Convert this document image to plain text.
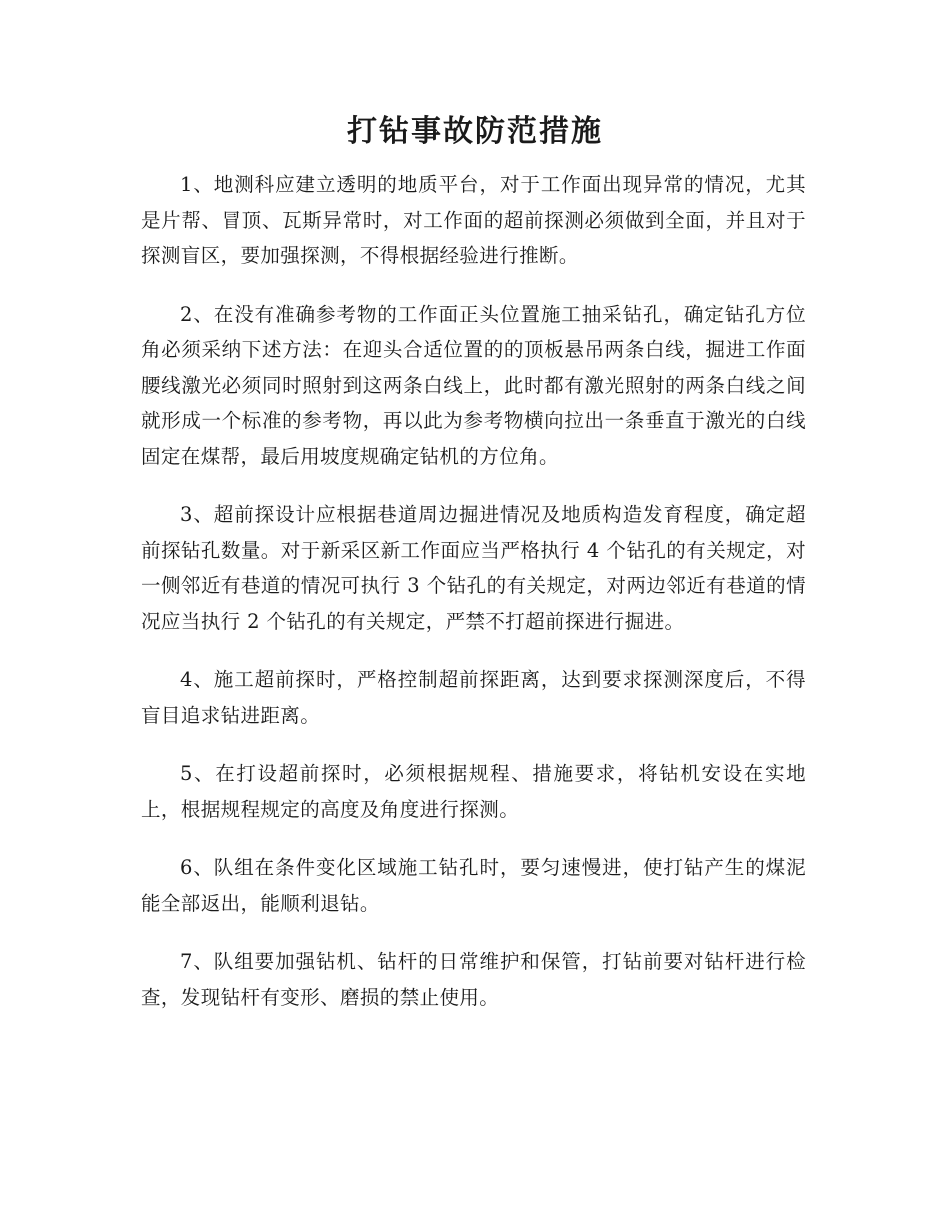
打钻事故防范措施

1、地测科应建立透明的地质平台，对于工作面出现异常的情况，尤其是片帮、冒顶、瓦斯异常时，对工作面的超前探测必须做到全面，并且对于探测盲区，要加强探测，不得根据经验进行推断。

2、在没有准确参考物的工作面正头位置施工抽采钻孔，确定钻孔方位角必须采纳下述方法：在迎头合适位置的的顶板悬吊两条白线，掘进工作面腰线激光必须同时照射到这两条白线上，此时都有激光照射的两条白线之间就形成一个标准的参考物，再以此为参考物横向拉出一条垂直于激光的白线固定在煤帮，最后用坡度规确定钻机的方位角。

3、超前探设计应根据巷道周边掘进情况及地质构造发育程度，确定超前探钻孔数量。对于新采区新工作面应当严格执行 4 个钻孔的有关规定，对一侧邻近有巷道的情况可执行 3 个钻孔的有关规定，对两边邻近有巷道的情况应当执行 2 个钻孔的有关规定，严禁不打超前探进行掘进。

4、施工超前探时，严格控制超前探距离，达到要求探测深度后，不得盲目追求钻进距离。

5、在打设超前探时，必须根据规程、措施要求，将钻机安设在实地上，根据规程规定的高度及角度进行探测。

6、队组在条件变化区域施工钻孔时，要匀速慢进，使打钻产生的煤泥能全部返出，能顺利退钻。

7、队组要加强钻机、钻杆的日常维护和保管，打钻前要对钻杆进行检查，发现钻杆有变形、磨损的禁止使用。
